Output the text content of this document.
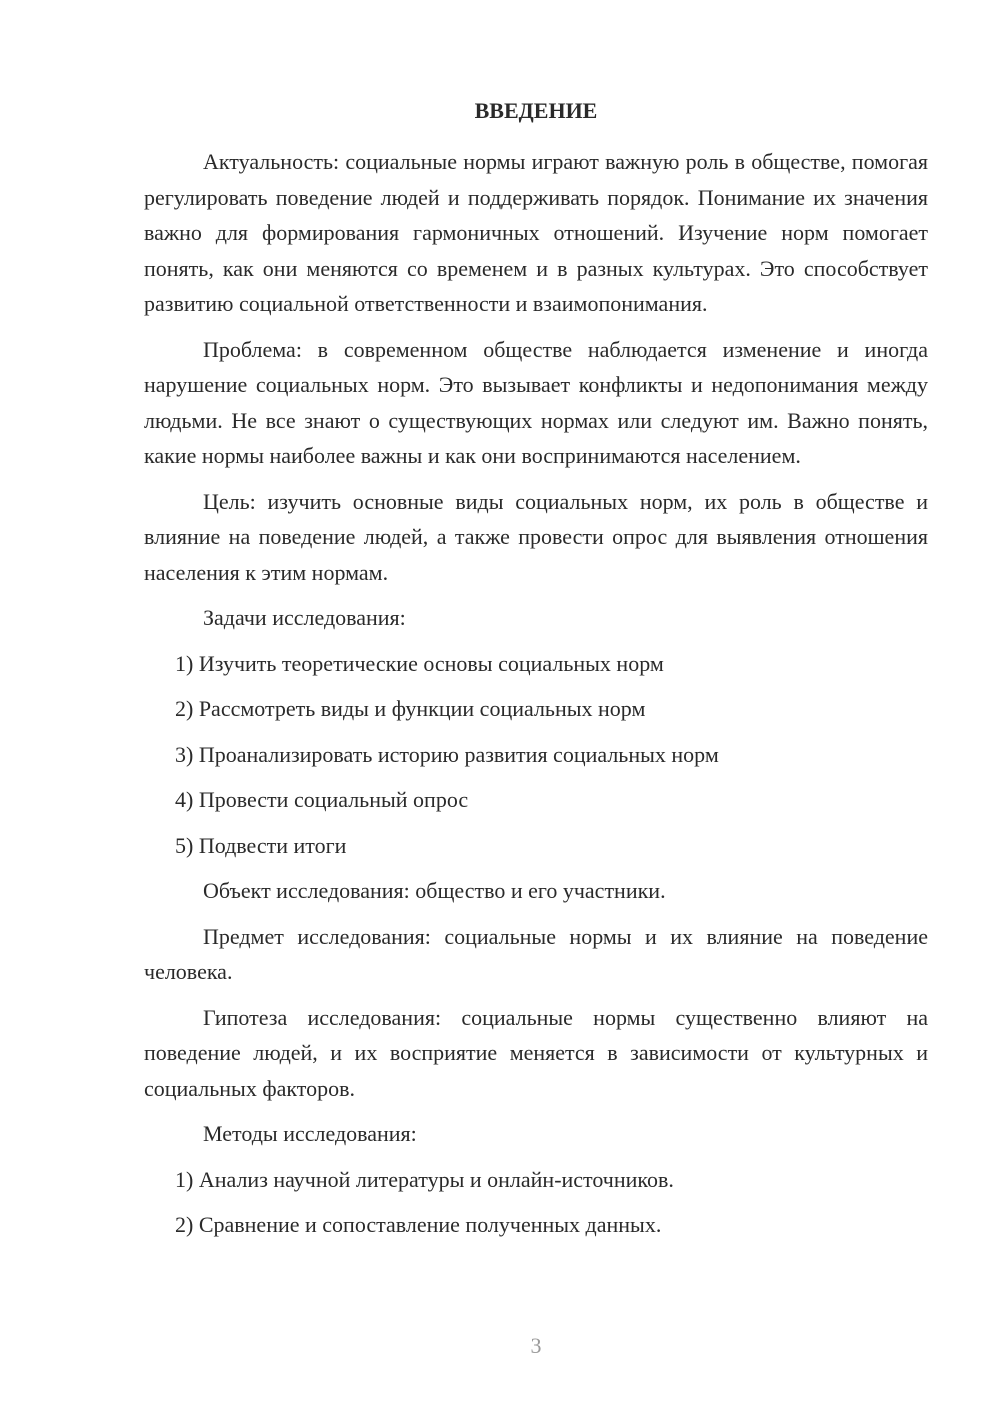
ВВЕДЕНИЕ

Актуальность: социальные нормы играют важную роль в обществе, помогая регулировать поведение людей и поддерживать порядок. Понимание их значения важно для формирования гармоничных отношений. Изучение норм помогает понять, как они меняются со временем и в разных культурах. Это способствует развитию социальной ответственности и взаимопонимания.

Проблема: в современном обществе наблюдается изменение и иногда нарушение социальных норм. Это вызывает конфликты и недопонимания между людьми. Не все знают о существующих нормах или следуют им. Важно понять, какие нормы наиболее важны и как они воспринимаются населением.

Цель: изучить основные виды социальных норм, их роль в обществе и влияние на поведение людей, а также провести опрос для выявления отношения населения к этим нормам.

Задачи исследования:

1) Изучить теоретические основы социальных норм

2) Рассмотреть виды и функции социальных норм

3) Проанализировать историю развития социальных норм

4) Провести социальный опрос

5) Подвести итоги

Объект исследования: общество и его участники.

Предмет исследования: социальные нормы и их влияние на поведение человека.

Гипотеза исследования: социальные нормы существенно влияют на поведение людей, и их восприятие меняется в зависимости от культурных и социальных факторов.

Методы исследования:

1) Анализ научной литературы и онлайн-источников.

2) Сравнение и сопоставление полученных данных.

3
